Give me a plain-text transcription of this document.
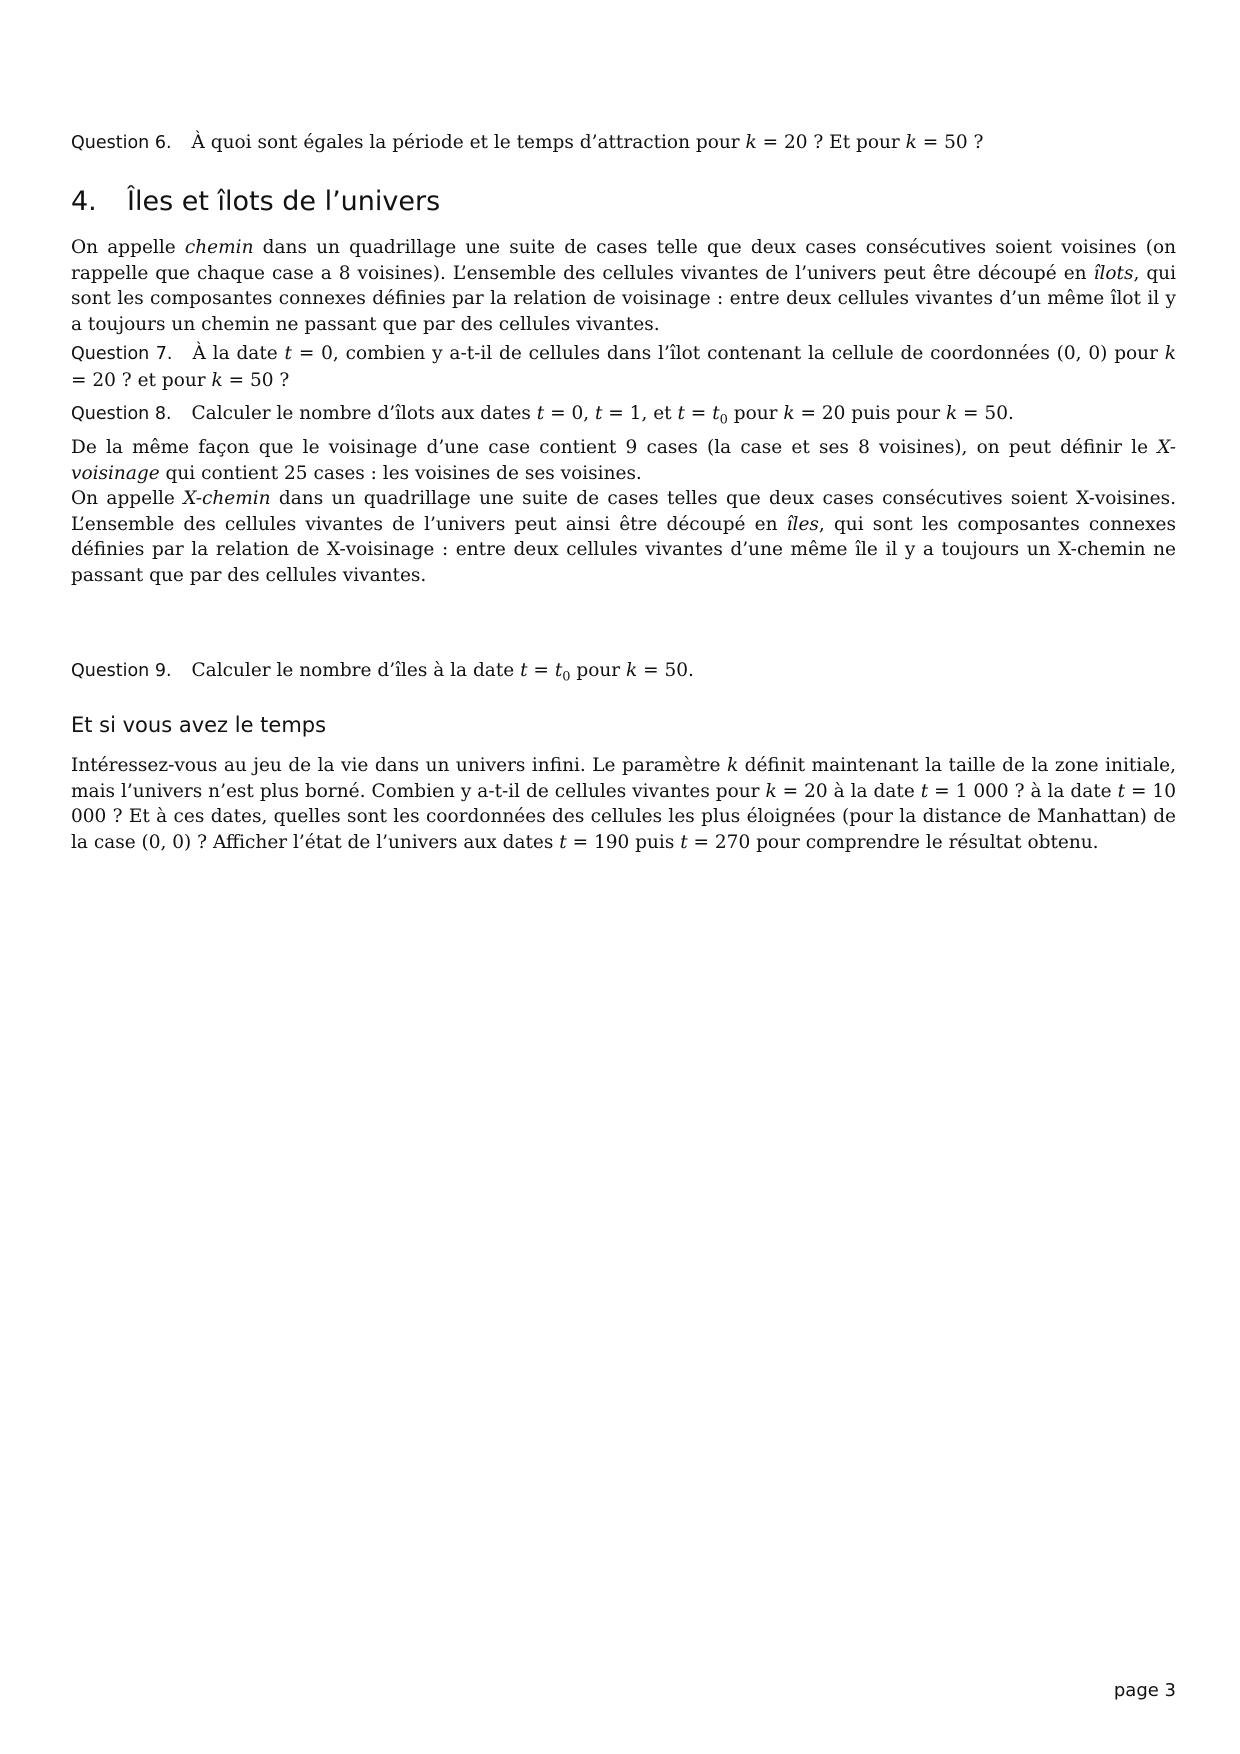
Question 6. À quoi sont égales la période et le temps d’attraction pour k = 20 ? Et pour k = 50 ?

4. Îles et îlots de l’univers

On appelle chemin dans un quadrillage une suite de cases telle que deux cases consécutives soient voisines (on rappelle que chaque case a 8 voisines). L’ensemble des cellules vivantes de l’univers peut être découpé en îlots, qui sont les composantes connexes définies par la relation de voisinage : entre deux cellules vivantes d’un même îlot il y a toujours un chemin ne passant que par des cellules vivantes.

Question 7. À la date t = 0, combien y a-t-il de cellules dans l’îlot contenant la cellule de coordonnées (0, 0) pour k = 20 ? et pour k = 50 ?

Question 8. Calculer le nombre d’îlots aux dates t = 0, t = 1, et $t = t_0$ pour k = 20 puis pour k = 50.

De la même façon que le voisinage d’une case contient 9 cases (la case et ses 8 voisines), on peut définir le X-voisinage qui contient 25 cases : les voisines de ses voisines.

On appelle X-chemin dans un quadrillage une suite de cases telles que deux cases consécutives soient X-voisines. L’ensemble des cellules vivantes de l’univers peut ainsi être découpé en îles, qui sont les composantes connexes définies par la relation de X-voisinage : entre deux cellules vivantes d’une même île il y a toujours un X-chemin ne passant que par des cellules vivantes.

Question 9. Calculer le nombre d’îles à la date $t = t_0$ pour k = 50.

Et si vous avez le temps

Intéressez-vous au jeu de la vie dans un univers infini. Le paramètre k définit maintenant la taille de la zone initiale, mais l’univers n’est plus borné. Combien y a-t-il de cellules vivantes pour k = 20 à la date t = 1 000 ? à la date t = 10 000 ? Et à ces dates, quelles sont les coordonnées des cellules les plus éloignées (pour la distance de Manhattan) de la case (0, 0) ? Afficher l’état de l’univers aux dates t = 190 puis t = 270 pour comprendre le résultat obtenu.

page 3
